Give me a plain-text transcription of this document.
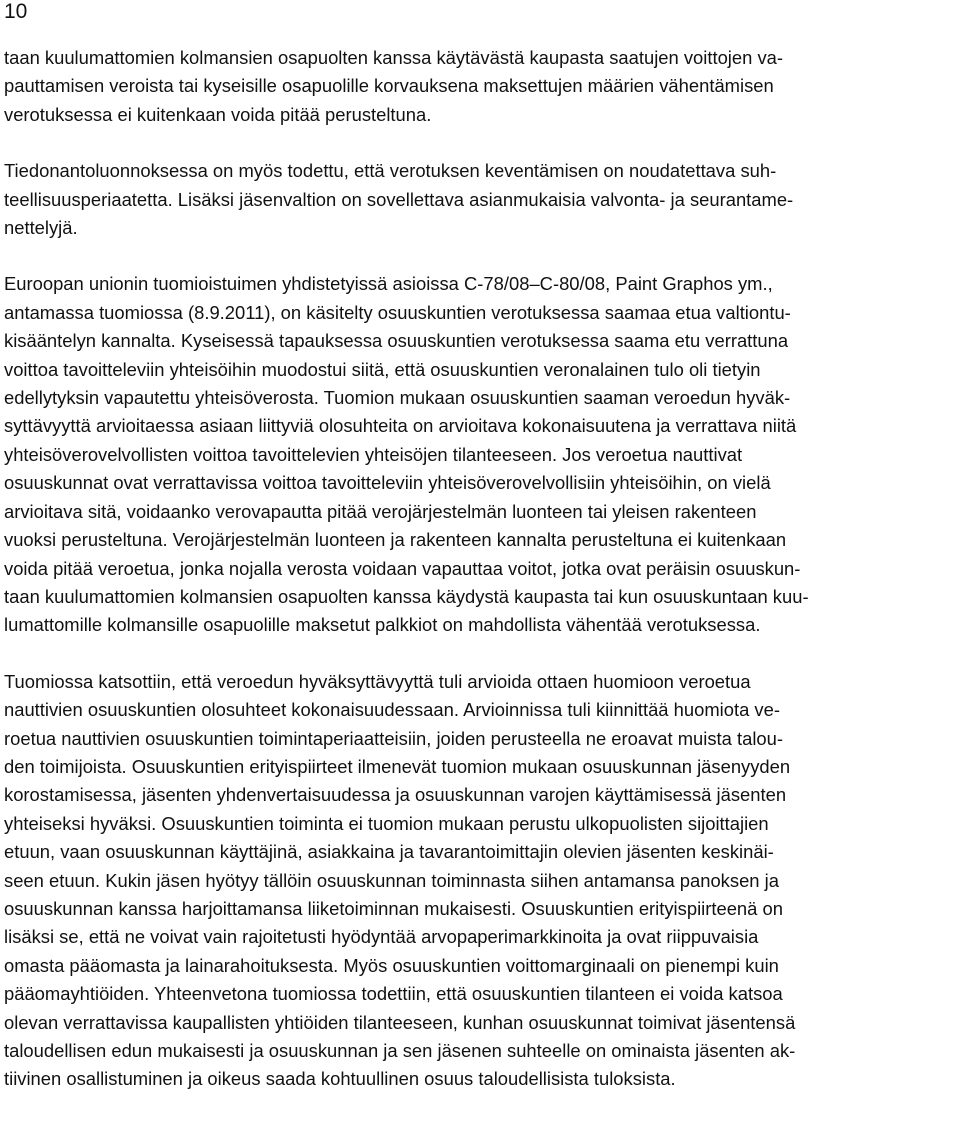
10

taan kuulumattomien kolmansien osapuolten kanssa käytävästä kaupasta saatujen voittojen va-
pauttamisen veroista tai kyseisille osapuolille korvauksena maksettujen määrien vähentämisen
verotuksessa ei kuitenkaan voida pitää perusteltuna.

Tiedonantoluonnoksessa on myös todettu, että verotuksen keventämisen on noudatettava suh-
teellisuusperiaatetta. Lisäksi jäsenvaltion on sovellettava asianmukaisia valvonta- ja seurantame-
nettelyjä.

Euroopan unionin tuomioistuimen yhdistetyissä asioissa C‑78/08–C‑80/08, Paint Graphos ym.,
antamassa tuomiossa (8.9.2011), on käsitelty osuuskuntien verotuksessa saamaa etua valtiontu-
kisääntelyn kannalta. Kyseisessä tapauksessa osuuskuntien verotuksessa saama etu verrattuna
voittoa tavoitteleviin yhteisöihin muodostui siitä, että osuuskuntien veronalainen tulo oli tietyin
edellytyksin vapautettu yhteisöverosta. Tuomion mukaan osuuskuntien saaman veroedun hyväk-
syttävyyttä arvioitaessa asiaan liittyviä olosuhteita on arvioitava kokonaisuutena ja verrattava niitä
yhteisöverovelvollisten voittoa tavoittelevien yhteisöjen tilanteeseen. Jos veroetua nauttivat
osuuskunnat ovat verrattavissa voittoa tavoitteleviin yhteisöverovelvollisiin yhteisöihin, on vielä
arvioitava sitä, voidaanko verovapautta pitää verojärjestelmän luonteen tai yleisen rakenteen
vuoksi perusteltuna. Verojärjestelmän luonteen ja rakenteen kannalta perusteltuna ei kuitenkaan
voida pitää veroetua, jonka nojalla verosta voidaan vapauttaa voitot, jotka ovat peräisin osuuskun-
taan kuulumattomien kolmansien osapuolten kanssa käydystä kaupasta tai kun osuuskuntaan kuu-
lumattomille kolmansille osapuolille maksetut palkkiot on mahdollista vähentää verotuksessa.

Tuomiossa katsottiin, että veroedun hyväksyttävyyttä tuli arvioida ottaen huomioon veroetua
nauttivien osuuskuntien olosuhteet kokonaisuudessaan. Arvioinnissa tuli kiinnittää huomiota ve-
roetua nauttivien osuuskuntien toimintaperiaatteisiin, joiden perusteella ne eroavat muista talou-
den toimijoista. Osuuskuntien erityispiirteet ilmenevät tuomion mukaan osuuskunnan jäsenyyden
korostamisessa, jäsenten yhdenvertaisuudessa ja osuuskunnan varojen käyttämisessä jäsenten
yhteiseksi hyväksi. Osuuskuntien toiminta ei tuomion mukaan perustu ulkopuolisten sijoittajien
etuun, vaan osuuskunnan käyttäjinä, asiakkaina ja tavarantoimittajin olevien jäsenten keskinäi-
seen etuun. Kukin jäsen hyötyy tällöin osuuskunnan toiminnasta siihen antamansa panoksen ja
osuuskunnan kanssa harjoittamansa liiketoiminnan mukaisesti. Osuuskuntien erityispiirteenä on
lisäksi se, että ne voivat vain rajoitetusti hyödyntää arvopaperimarkkinoita ja ovat riippuvaisia
omasta pääomasta ja lainarahoituksesta. Myös osuuskuntien voittomarginaali on pienempi kuin
pääomayhtiöiden. Yhteenvetona tuomiossa todettiin, että osuuskuntien tilanteen ei voida katsoa
olevan verrattavissa kaupallisten yhtiöiden tilanteeseen, kunhan osuuskunnat toimivat jäsentensä
taloudellisen edun mukaisesti ja osuuskunnan ja sen jäsenen suhteelle on ominaista jäsenten ak-
tiivinen osallistuminen ja oikeus saada kohtuullinen osuus taloudellisista tuloksista.
